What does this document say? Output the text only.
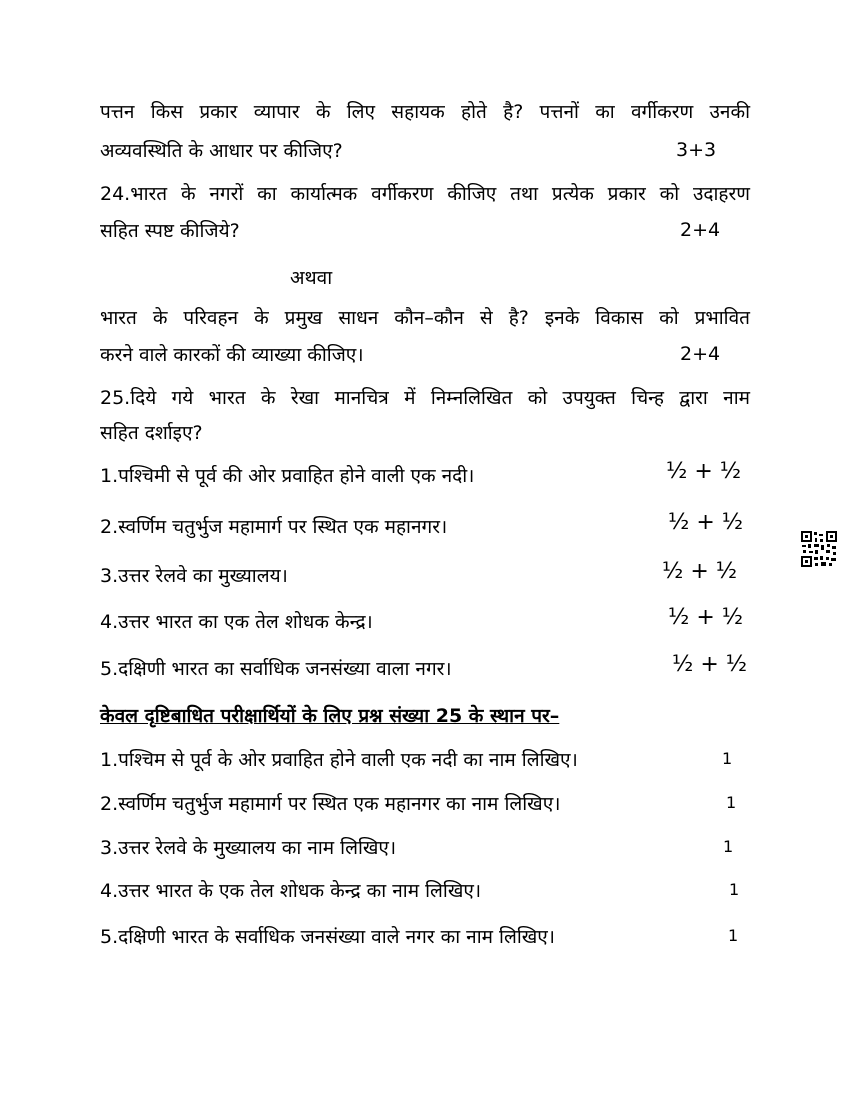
पत्तन किस प्रकार व्यापार के लिए सहायक होते है? पत्तनों का वर्गीकरण उनकी
अव्यवस्थिति के आधार पर कीजिए?	3+3
24.भारत के नगरों का कार्यात्मक वर्गीकरण कीजिए तथा प्रत्येक प्रकार को उदाहरण
सहित स्पष्ट कीजिये?	2+4
अथवा
भारत के परिवहन के प्रमुख साधन कौन–कौन से है? इनके विकास को प्रभावित
करने वाले कारकों की व्याख्या कीजिए।	2+4
25.दिये गये भारत के रेखा मानचित्र में निम्नलिखित को उपयुक्त चिन्ह द्वारा नाम
सहित दर्शाइए?
1.पश्चिमी से पूर्व की ओर प्रवाहित होने वाली एक नदी।	½ + ½
2.स्वर्णिम चतुर्भुज महामार्ग पर स्थित एक महानगर।	½ + ½
3.उत्तर रेलवे का मुख्यालय।	½ + ½
4.उत्तर भारत का एक तेल शोधक केन्द्र।	½ + ½
5.दक्षिणी भारत का सर्वाधिक जनसंख्या वाला नगर।	½ + ½
केवल दृष्टिबाधित परीक्षार्थियों के लिए प्रश्न संख्या 25 के स्थान पर–
1.पश्चिम से पूर्व के ओर प्रवाहित होने वाली एक नदी का नाम लिखिए।	1
2.स्वर्णिम चतुर्भुज महामार्ग पर स्थित एक महानगर का नाम लिखिए।	1
3.उत्तर रेलवे के मुख्यालय का नाम लिखिए।	1
4.उत्तर भारत के एक तेल शोधक केन्द्र का नाम लिखिए।	1
5.दक्षिणी भारत के सर्वाधिक जनसंख्या वाले नगर का नाम लिखिए।	1
